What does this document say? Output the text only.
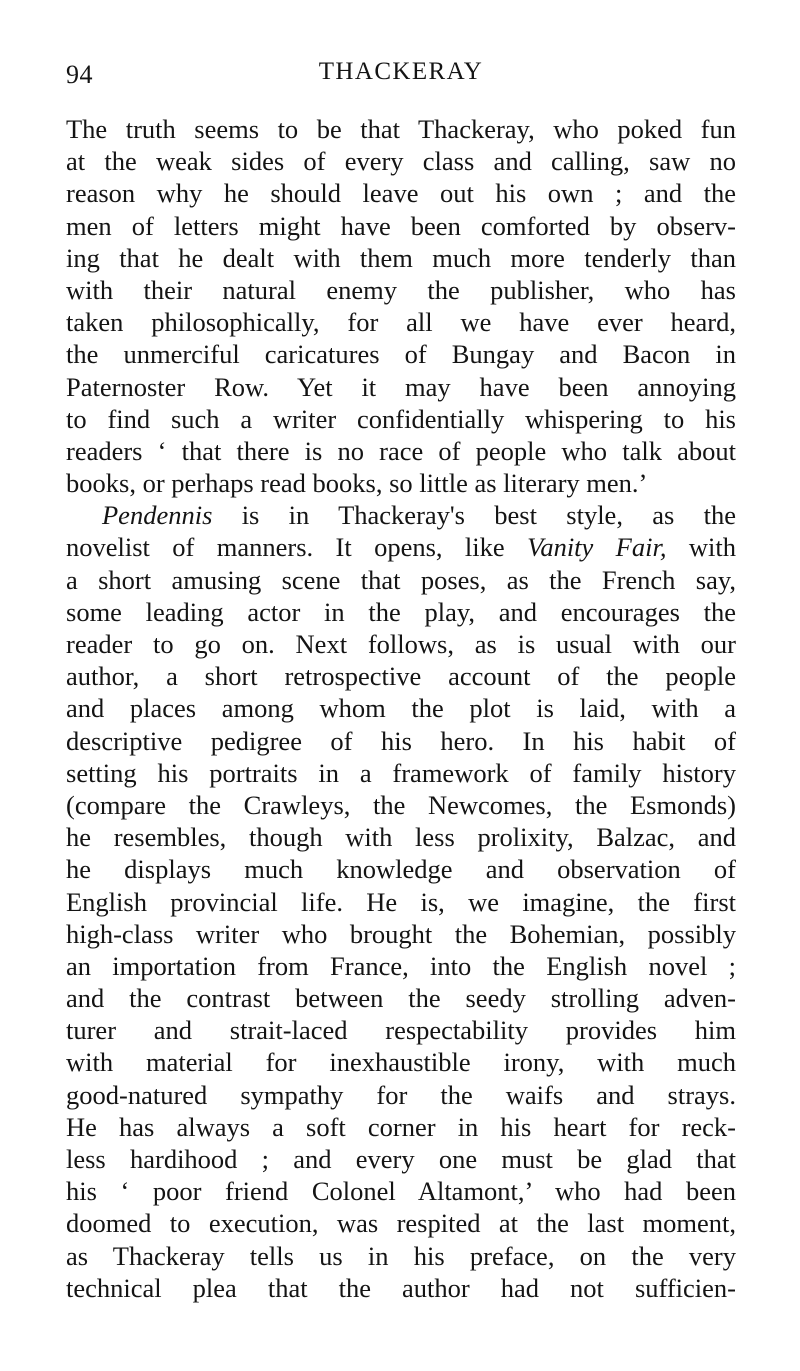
94	THACKERAY
The truth seems to be that Thackeray, who poked fun
at the weak sides of every class and calling, saw no
reason why he should leave out his own ; and the
men of letters might have been comforted by observ-
ing that he dealt with them much more tenderly than
with their natural enemy the publisher, who has
taken philosophically, for all we have ever heard,
the unmerciful caricatures of Bungay and Bacon in
Paternoster Row. Yet it may have been annoying
to find such a writer confidentially whispering to his
readers ‘ that there is no race of people who talk about
books, or perhaps read books, so little as literary men.’
Pendennis is in Thackeray's best style, as the
novelist of manners. It opens, like Vanity Fair, with
a short amusing scene that poses, as the French say,
some leading actor in the play, and encourages the
reader to go on. Next follows, as is usual with our
author, a short retrospective account of the people
and places among whom the plot is laid, with a
descriptive pedigree of his hero. In his habit of
setting his portraits in a framework of family history
(compare the Crawleys, the Newcomes, the Esmonds)
he resembles, though with less prolixity, Balzac, and
he displays much knowledge and observation of
English provincial life. He is, we imagine, the first
high-class writer who brought the Bohemian, possibly
an importation from France, into the English novel ;
and the contrast between the seedy strolling adven-
turer and strait-laced respectability provides him
with material for inexhaustible irony, with much
good-natured sympathy for the waifs and strays.
He has always a soft corner in his heart for reck-
less hardihood ; and every one must be glad that
his ‘ poor friend Colonel Altamont,’ who had been
doomed to execution, was respited at the last moment,
as Thackeray tells us in his preface, on the very
technical plea that the author had not sufficien-
